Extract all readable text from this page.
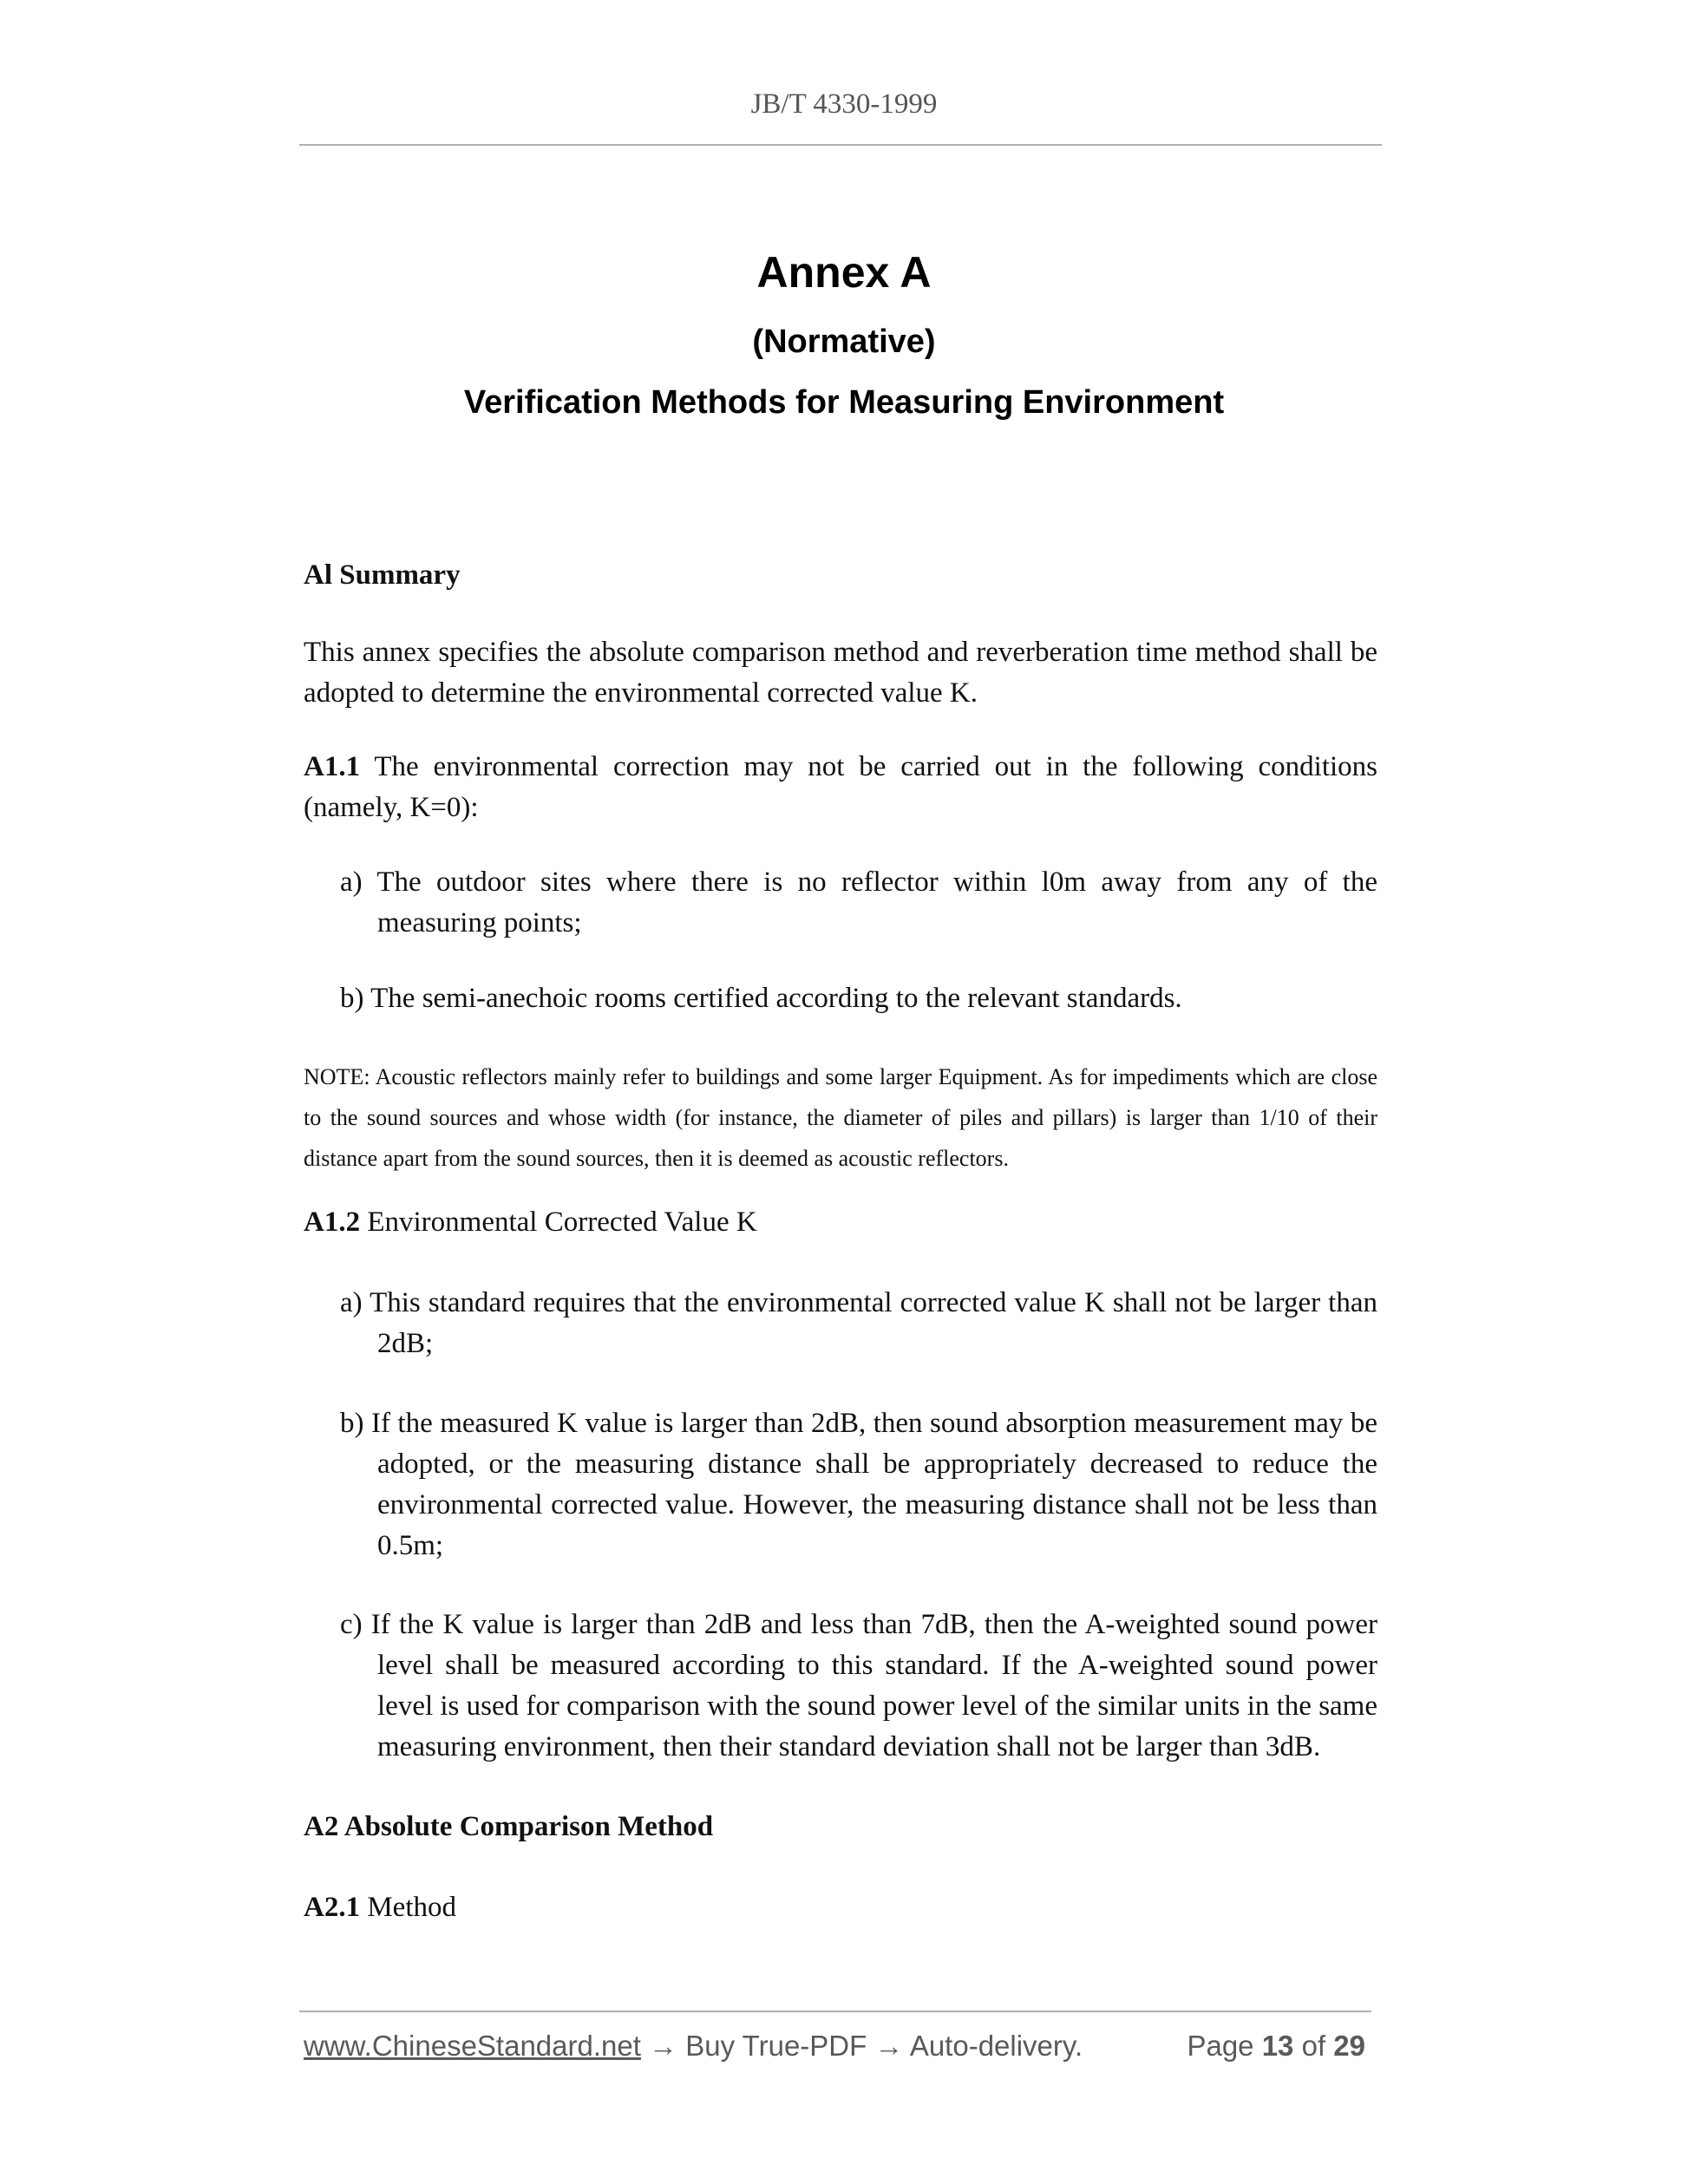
JB/T 4330-1999
Annex A
(Normative)
Verification Methods for Measuring Environment
Al Summary
This annex specifies the absolute comparison method and reverberation time method shall be adopted to determine the environmental corrected value K.
A1.1 The environmental correction may not be carried out in the following conditions (namely, K=0):
a) The outdoor sites where there is no reflector within l0m away from any of the measuring points;
b) The semi-anechoic rooms certified according to the relevant standards.
NOTE: Acoustic reflectors mainly refer to buildings and some larger Equipment. As for impediments which are close to the sound sources and whose width (for instance, the diameter of piles and pillars) is larger than 1/10 of their distance apart from the sound sources, then it is deemed as acoustic reflectors.
A1.2 Environmental Corrected Value K
a) This standard requires that the environmental corrected value K shall not be larger than 2dB;
b) If the measured K value is larger than 2dB, then sound absorption measurement may be adopted, or the measuring distance shall be appropriately decreased to reduce the environmental corrected value. However, the measuring distance shall not be less than 0.5m;
c) If the K value is larger than 2dB and less than 7dB, then the A-weighted sound power level shall be measured according to this standard. If the A-weighted sound power level is used for comparison with the sound power level of the similar units in the same measuring environment, then their standard deviation shall not be larger than 3dB.
A2 Absolute Comparison Method
A2.1 Method
www.ChineseStandard.net → Buy True-PDF → Auto-delivery.	Page 13 of 29
